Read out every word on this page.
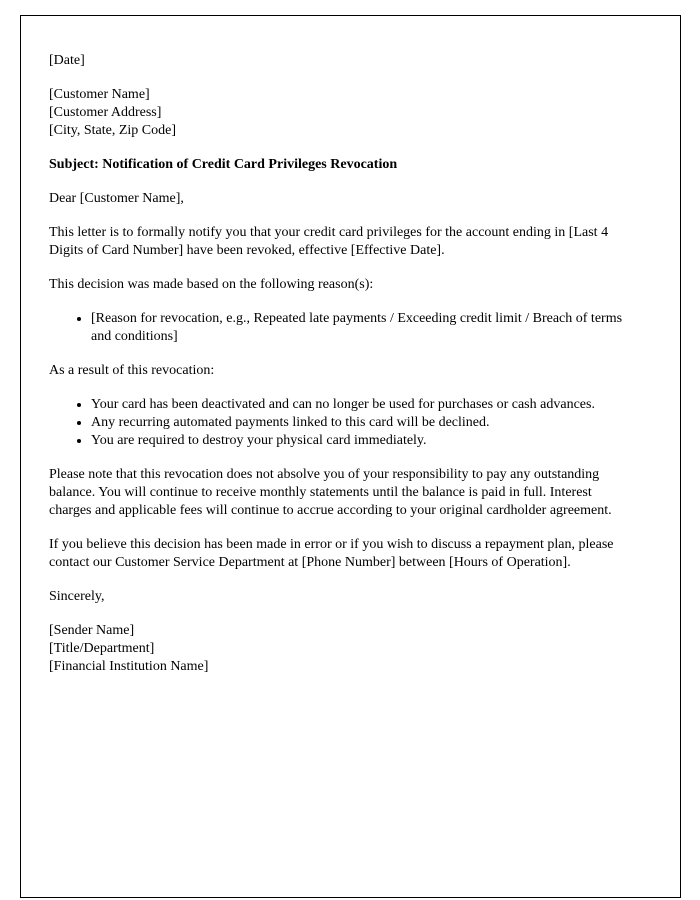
[Date]

[Customer Name]
[Customer Address]
[City, State, Zip Code]

Subject: Notification of Credit Card Privileges Revocation

Dear [Customer Name],

This letter is to formally notify you that your credit card privileges for the account ending in [Last 4 Digits of Card Number] have been revoked, effective [Effective Date].

This decision was made based on the following reason(s):

• [Reason for revocation, e.g., Repeated late payments / Exceeding credit limit / Breach of terms and conditions]

As a result of this revocation:

• Your card has been deactivated and can no longer be used for purchases or cash advances.
• Any recurring automated payments linked to this card will be declined.
• You are required to destroy your physical card immediately.

Please note that this revocation does not absolve you of your responsibility to pay any outstanding balance. You will continue to receive monthly statements until the balance is paid in full. Interest charges and applicable fees will continue to accrue according to your original cardholder agreement.

If you believe this decision has been made in error or if you wish to discuss a repayment plan, please contact our Customer Service Department at [Phone Number] between [Hours of Operation].

Sincerely,

[Sender Name]
[Title/Department]
[Financial Institution Name]
